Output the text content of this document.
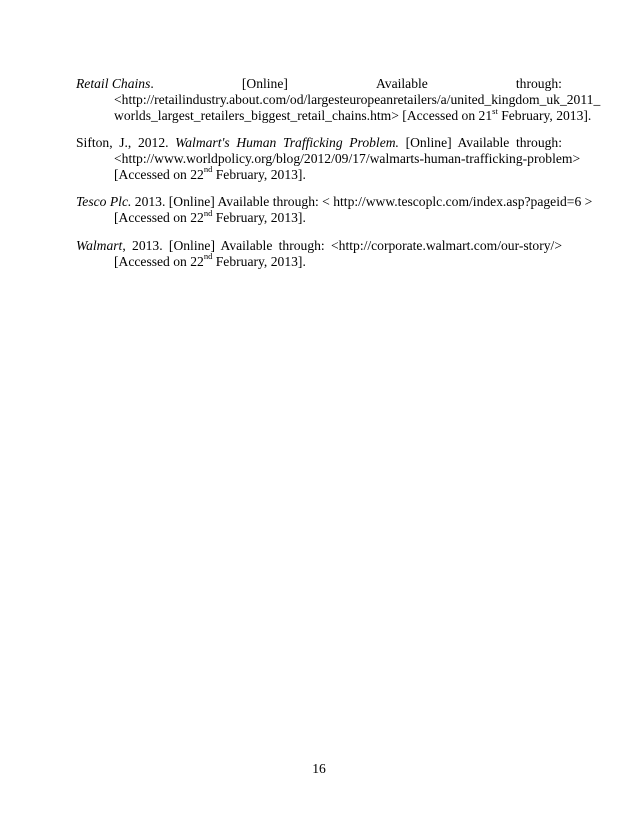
Retail Chains.	[Online]	Available	through:
<http://retailindustry.about.com/od/largesteuropeanretailers/a/united_kingdom_uk_2011_
worlds_largest_retailers_biggest_retail_chains.htm> [Accessed on 21st February, 2013].
Sifton, J., 2012. Walmart's Human Trafficking Problem. [Online] Available through:
<http://www.worldpolicy.org/blog/2012/09/17/walmarts-human-trafficking-problem>
[Accessed on 22nd February, 2013].
Tesco Plc. 2013. [Online] Available through: < http://www.tescoplc.com/index.asp?pageid=6 >
[Accessed on 22nd February, 2013].
Walmart, 2013. [Online] Available through: <http://corporate.walmart.com/our-story/>
[Accessed on 22nd February, 2013].
16
